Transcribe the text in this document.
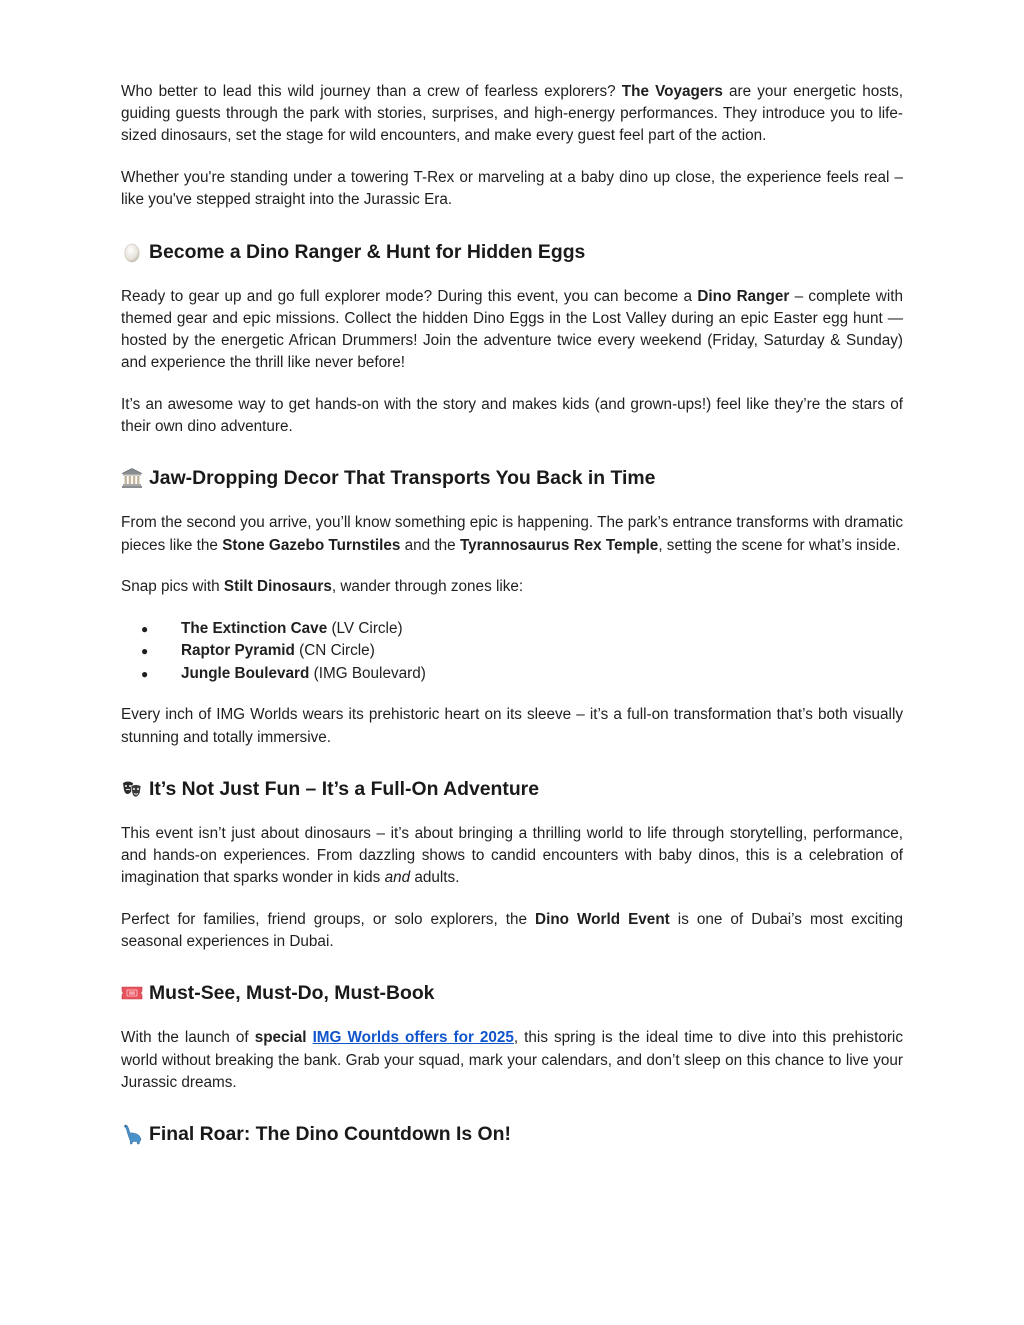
Who better to lead this wild journey than a crew of fearless explorers? The Voyagers are your energetic hosts, guiding guests through the park with stories, surprises, and high-energy performances. They introduce you to life-sized dinosaurs, set the stage for wild encounters, and make every guest feel part of the action.

Whether you're standing under a towering T-Rex or marveling at a baby dino up close, the experience feels real – like you've stepped straight into the Jurassic Era.

Become a Dino Ranger & Hunt for Hidden Eggs

Ready to gear up and go full explorer mode? During this event, you can become a Dino Ranger – complete with themed gear and epic missions. Collect the hidden Dino Eggs in the Lost Valley during an epic Easter egg hunt — hosted by the energetic African Drummers! Join the adventure twice every weekend (Friday, Saturday & Sunday) and experience the thrill like never before!

It’s an awesome way to get hands-on with the story and makes kids (and grown-ups!) feel like they’re the stars of their own dino adventure.

Jaw-Dropping Decor That Transports You Back in Time

From the second you arrive, you’ll know something epic is happening. The park’s entrance transforms with dramatic pieces like the Stone Gazebo Turnstiles and the Tyrannosaurus Rex Temple, setting the scene for what’s inside.

Snap pics with Stilt Dinosaurs, wander through zones like:

● The Extinction Cave (LV Circle)
● Raptor Pyramid (CN Circle)
● Jungle Boulevard (IMG Boulevard)

Every inch of IMG Worlds wears its prehistoric heart on its sleeve – it’s a full-on transformation that’s both visually stunning and totally immersive.

It’s Not Just Fun – It’s a Full-On Adventure

This event isn’t just about dinosaurs – it’s about bringing a thrilling world to life through storytelling, performance, and hands-on experiences. From dazzling shows to candid encounters with baby dinos, this is a celebration of imagination that sparks wonder in kids and adults.

Perfect for families, friend groups, or solo explorers, the Dino World Event is one of Dubai’s most exciting seasonal experiences in Dubai.

Must-See, Must-Do, Must-Book

With the launch of special IMG Worlds offers for 2025, this spring is the ideal time to dive into this prehistoric world without breaking the bank. Grab your squad, mark your calendars, and don’t sleep on this chance to live your Jurassic dreams.

Final Roar: The Dino Countdown Is On!
